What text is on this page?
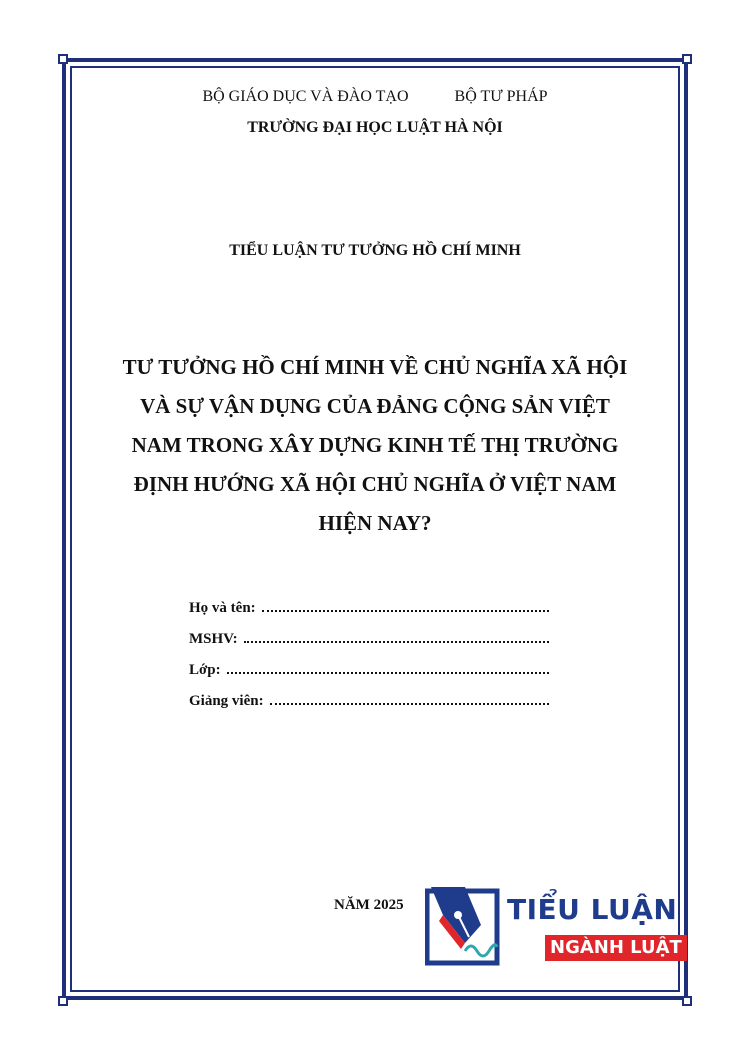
BỘ GIÁO DỤC VÀ ĐÀO TẠO	BỘ TƯ PHÁP
TRƯỜNG ĐẠI HỌC LUẬT HÀ NỘI
TIỂU LUẬN TƯ TƯỞNG HỒ CHÍ MINH
TƯ TƯỞNG HỒ CHÍ MINH VỀ CHỦ NGHĨA XÃ HỘI
VÀ SỰ VẬN DỤNG CỦA ĐẢNG CỘNG SẢN VIỆT
NAM TRONG XÂY DỰNG KINH TẾ THỊ TRƯỜNG
ĐỊNH HƯỚNG XÃ HỘI CHỦ NGHĨA Ở VIỆT NAM
HIỆN NAY?
Họ và tên:
MSHV:
Lớp:
Giảng viên:
NĂM 2025	TIỂU LUẬN
NGÀNH LUẬT
